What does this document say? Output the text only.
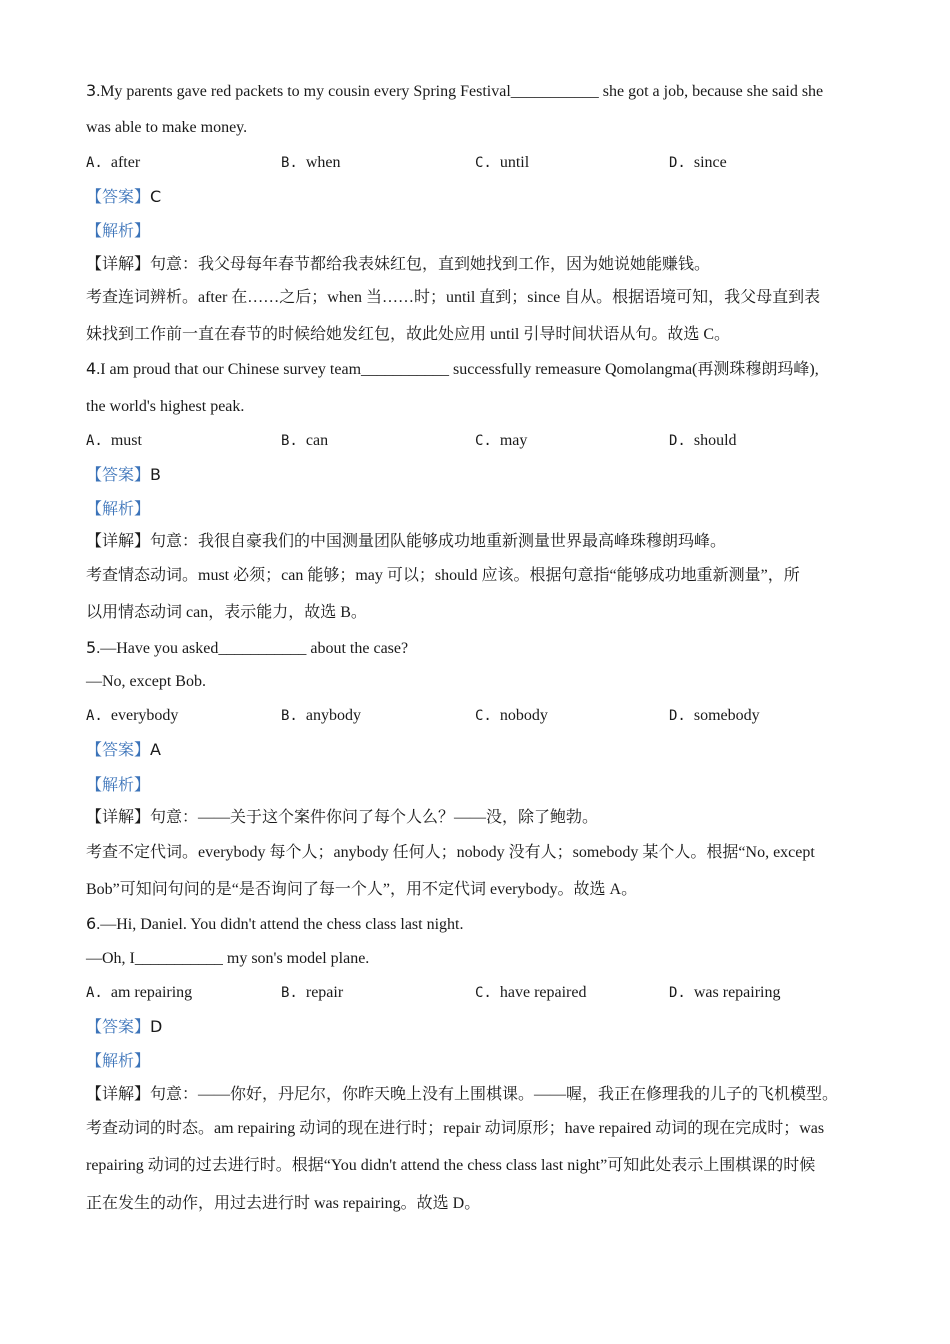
3.My parents gave red packets to my cousin every Spring Festival___________ she got a job, because she said she
was able to make money.
A. after	B. when	C. until	D. since
【答案】C
【解析】
【详解】句意：我父母每年春节都给我表妹红包，直到她找到工作，因为她说她能赚钱。
考查连词辨析。after 在……之后；when 当……时；until 直到；since 自从。根据语境可知，我父母直到表
妹找到工作前一直在春节的时候给她发红包，故此处应用 until 引导时间状语从句。故选 C。
4.I am proud that our Chinese survey team___________ successfully remeasure Qomolangma(再测珠穆朗玛峰),
the world's highest peak.
A. must	B. can	C. may	D. should
【答案】B
【解析】
【详解】句意：我很自豪我们的中国测量团队能够成功地重新测量世界最高峰珠穆朗玛峰。
考查情态动词。must 必须；can 能够；may 可以；should 应该。根据句意指“能够成功地重新测量”，所
以用情态动词 can，表示能力，故选 B。
5.—Have you asked___________ about the case?
—No, except Bob.
A. everybody	B. anybody	C. nobody	D. somebody
【答案】A
【解析】
【详解】句意：——关于这个案件你问了每个人么？——没，除了鲍勃。
考查不定代词。everybody 每个人；anybody 任何人；nobody 没有人；somebody 某个人。根据“No, except
Bob”可知问句问的是“是否询问了每一个人”，用不定代词 everybody。故选 A。
6.—Hi, Daniel. You didn't attend the chess class last night.
—Oh, I___________ my son's model plane.
A. am repairing	B. repair	C. have repaired	D. was repairing
【答案】D
【解析】
【详解】句意：——你好，丹尼尔，你昨天晚上没有上围棋课。——喔，我正在修理我的儿子的飞机模型。
考查动词的时态。am repairing 动词的现在进行时；repair 动词原形；have repaired 动词的现在完成时；was
repairing 动词的过去进行时。根据“You didn't attend the chess class last night”可知此处表示上围棋课的时候
正在发生的动作，用过去进行时 was repairing。故选 D。
